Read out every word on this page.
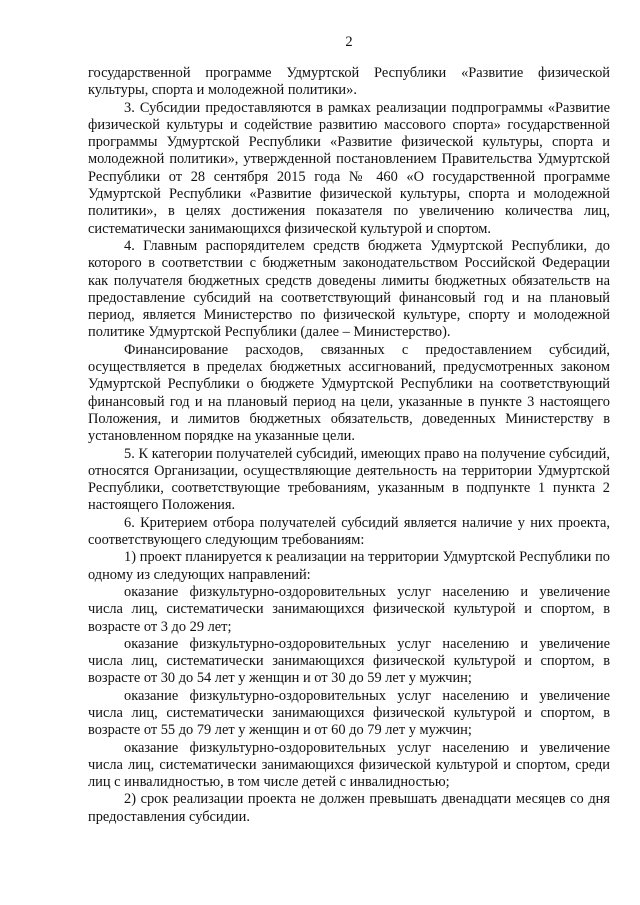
2

государственной программе Удмуртской Республики «Развитие физической культуры, спорта и молодежной политики».

3. Субсидии предоставляются в рамках реализации подпрограммы «Развитие физической культуры и содействие развитию массового спорта» государственной программы Удмуртской Республики «Развитие физической культуры, спорта и молодежной политики», утвержденной постановлением Правительства Удмуртской Республики от 28 сентября 2015 года № 460 «О государственной программе Удмуртской Республики «Развитие физической культуры, спорта и молодежной политики», в целях достижения показателя по увеличению количества лиц, систематически занимающихся физической культурой и спортом.

4. Главным распорядителем средств бюджета Удмуртской Республики, до которого в соответствии с бюджетным законодательством Российской Федерации как получателя бюджетных средств доведены лимиты бюджетных обязательств на предоставление субсидий на соответствующий финансовый год и на плановый период, является Министерство по физической культуре, спорту и молодежной политике Удмуртской Республики (далее – Министерство).

Финансирование расходов, связанных с предоставлением субсидий, осуществляется в пределах бюджетных ассигнований, предусмотренных законом Удмуртской Республики о бюджете Удмуртской Республики на соответствующий финансовый год и на плановый период на цели, указанные в пункте 3 настоящего Положения, и лимитов бюджетных обязательств, доведенных Министерству в установленном порядке на указанные цели.

5. К категории получателей субсидий, имеющих право на получение субсидий, относятся Организации, осуществляющие деятельность на территории Удмуртской Республики, соответствующие требованиям, указанным в подпункте 1 пункта 2 настоящего Положения.

6. Критерием отбора получателей субсидий является наличие у них проекта, соответствующего следующим требованиям:

1) проект планируется к реализации на территории Удмуртской Республики по одному из следующих направлений:

оказание физкультурно-оздоровительных услуг населению и увеличение числа лиц, систематически занимающихся физической культурой и спортом, в возрасте от 3 до 29 лет;

оказание физкультурно-оздоровительных услуг населению и увеличение числа лиц, систематически занимающихся физической культурой и спортом, в возрасте от 30 до 54 лет у женщин и от 30 до 59 лет у мужчин;

оказание физкультурно-оздоровительных услуг населению и увеличение числа лиц, систематически занимающихся физической культурой и спортом, в возрасте от 55 до 79 лет у женщин и от 60 до 79 лет у мужчин;

оказание физкультурно-оздоровительных услуг населению и увеличение числа лиц, систематически занимающихся физической культурой и спортом, среди лиц с инвалидностью, в том числе детей с инвалидностью;

2) срок реализации проекта не должен превышать двенадцати месяцев со дня предоставления субсидии.
